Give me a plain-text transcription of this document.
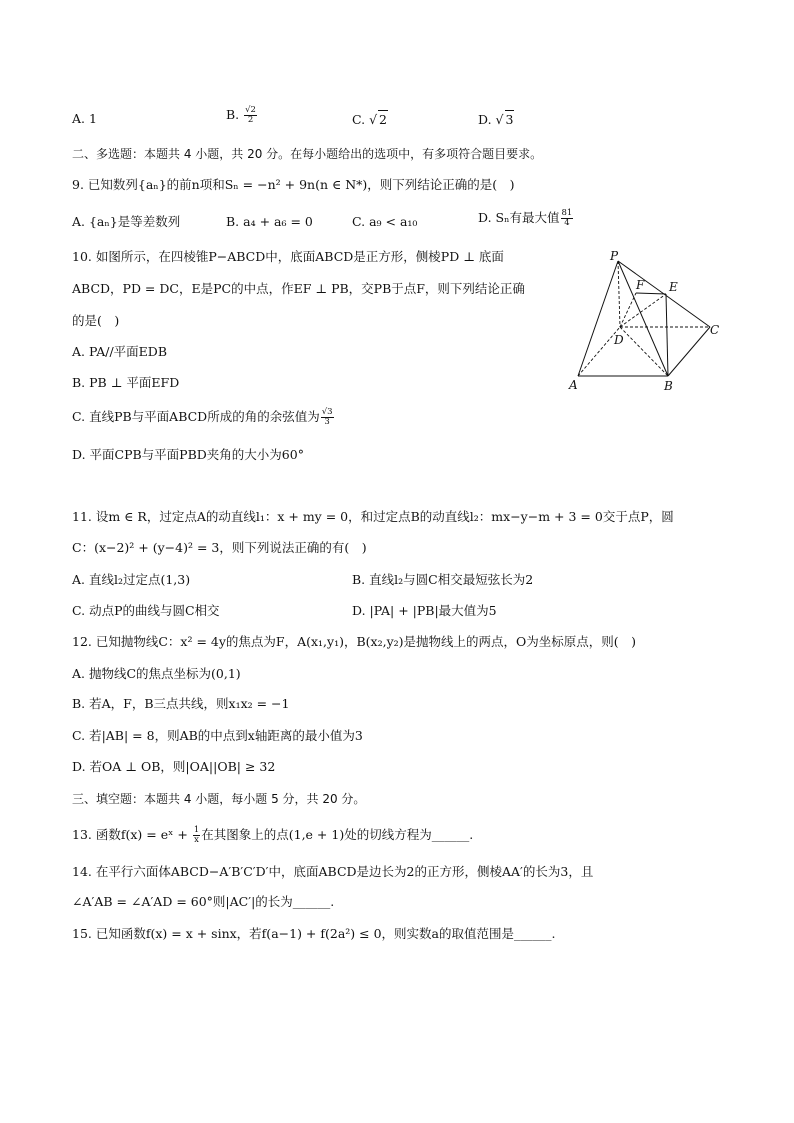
A. 1	B. $\frac{√2}{2}$	C. √ 2	D. √ 3
二、多选题：本题共 4 小题，共 20 分。在每小题给出的选项中，有多项符合题目要求。
9. 已知数列{aₙ}的前n项和Sₙ = −n² + 9n(n ∈ N*)，则下列结论正确的是(　)
A. {aₙ}是等差数列	B. a₄ + a₆ = 0	C. a₉ < a₁₀	D. Sₙ有最大值 $\frac{81}{4}$
10. 如图所示，在四棱锥P−ABCD中，底面ABCD是正方形，侧棱PD ⊥ 底面
ABCD，PD = DC，E是PC的中点，作EF ⊥ PB，交PB于点F，则下列结论正确
的是(　)
A. PA//平面EDB
B. PB ⊥ 平面EFD
C. 直线PB与平面ABCD所成的角的余弦值为 $\frac{√3}{3}$
D. 平面CPB与平面PBD夹角的大小为60°
P
F E
C
D
A	B
11. 设m ∈ R，过定点A的动直线l₁：x + my = 0，和过定点B的动直线l₂：mx−y−m + 3 = 0交于点P，圆
C：(x−2)² + (y−4)² = 3，则下列说法正确的有(　)
A. 直线l₂过定点(1,3)	B. 直线l₂与圆C相交最短弦长为2
C. 动点P的曲线与圆C相交	D. |PA| + |PB|最大值为5
12. 已知抛物线C：x² = 4y的焦点为F，A(x₁,y₁)，B(x₂,y₂)是抛物线上的两点，O为坐标原点，则(　)
A. 抛物线C的焦点坐标为(0,1)
B. 若A，F，B三点共线，则x₁x₂ = −1
C. 若|AB| = 8，则AB的中点到x轴距离的最小值为3
D. 若OA ⊥ OB，则|OA||OB| ≥ 32
三、填空题：本题共 4 小题，每小题 5 分，共 20 分。
13. 函数f(x) = eˣ + $\frac{1}{x}$ 在其图象上的点(1,e + 1)处的切线方程为______.
14. 在平行六面体ABCD−A′B′C′D′中，底面ABCD是边长为2的正方形，侧棱AA′的长为3，且
∠A′AB = ∠A′AD = 60°则|AC′|的长为______.
15. 已知函数f(x) = x + sinx，若f(a−1) + f(2a²) ≤ 0，则实数a的取值范围是______.
